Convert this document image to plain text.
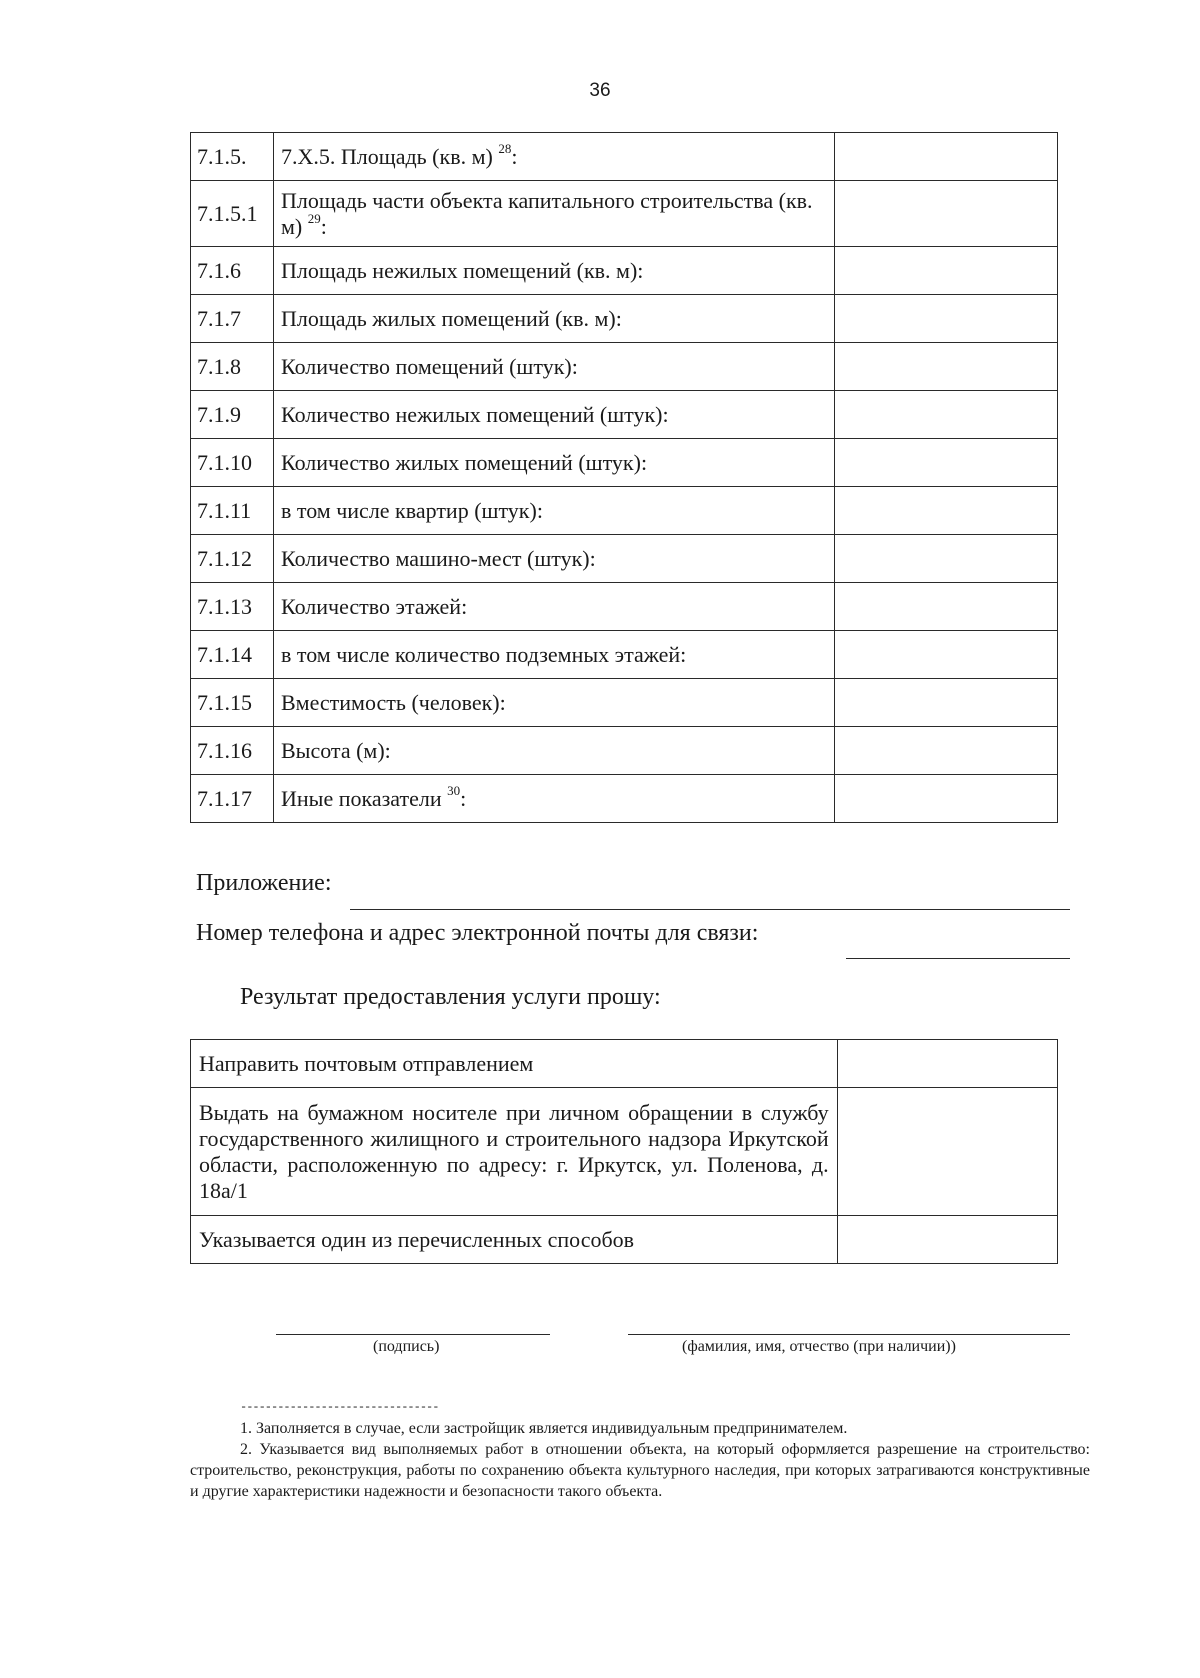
36
7.1.5.	7.Х.5. Площадь (кв. м) $^{28}$:	
7.1.5.1	Площадь части объекта капитального строительства (кв. м) $^{29}$:	
7.1.6	Площадь нежилых помещений (кв. м):	
7.1.7	Площадь жилых помещений (кв. м):	
7.1.8	Количество помещений (штук):	
7.1.9	Количество нежилых помещений (штук):	
7.1.10	Количество жилых помещений (штук):	
7.1.11	в том числе квартир (штук):	
7.1.12	Количество машино-мест (штук):	
7.1.13	Количество этажей:	
7.1.14	в том числе количество подземных этажей:	
7.1.15	Вместимость (человек):	
7.1.16	Высота (м):	
7.1.17	Иные показатели $^{30}$:	
Приложение:
Номер телефона и адрес электронной почты для связи:
Результат предоставления услуги прошу:
Направить почтовым отправлением	
Выдать на бумажном носителе при личном обращении в службу государственного жилищного и строительного надзора Иркутской области, расположенную по адресу: г. Иркутск, ул. Поленова, д. 18а/1	
Указывается один из перечисленных способов	
(подпись)	(фамилия, имя, отчество (при наличии))
--------------------------------

1. Заполняется в случае, если застройщик является индивидуальным предпринимателем.

2. Указывается вид выполняемых работ в отношении объекта, на который оформляется разрешение на строительство: строительство, реконструкция, работы по сохранению объекта культурного наследия, при которых затрагиваются конструктивные и другие характеристики надежности и безопасности такого объекта.
